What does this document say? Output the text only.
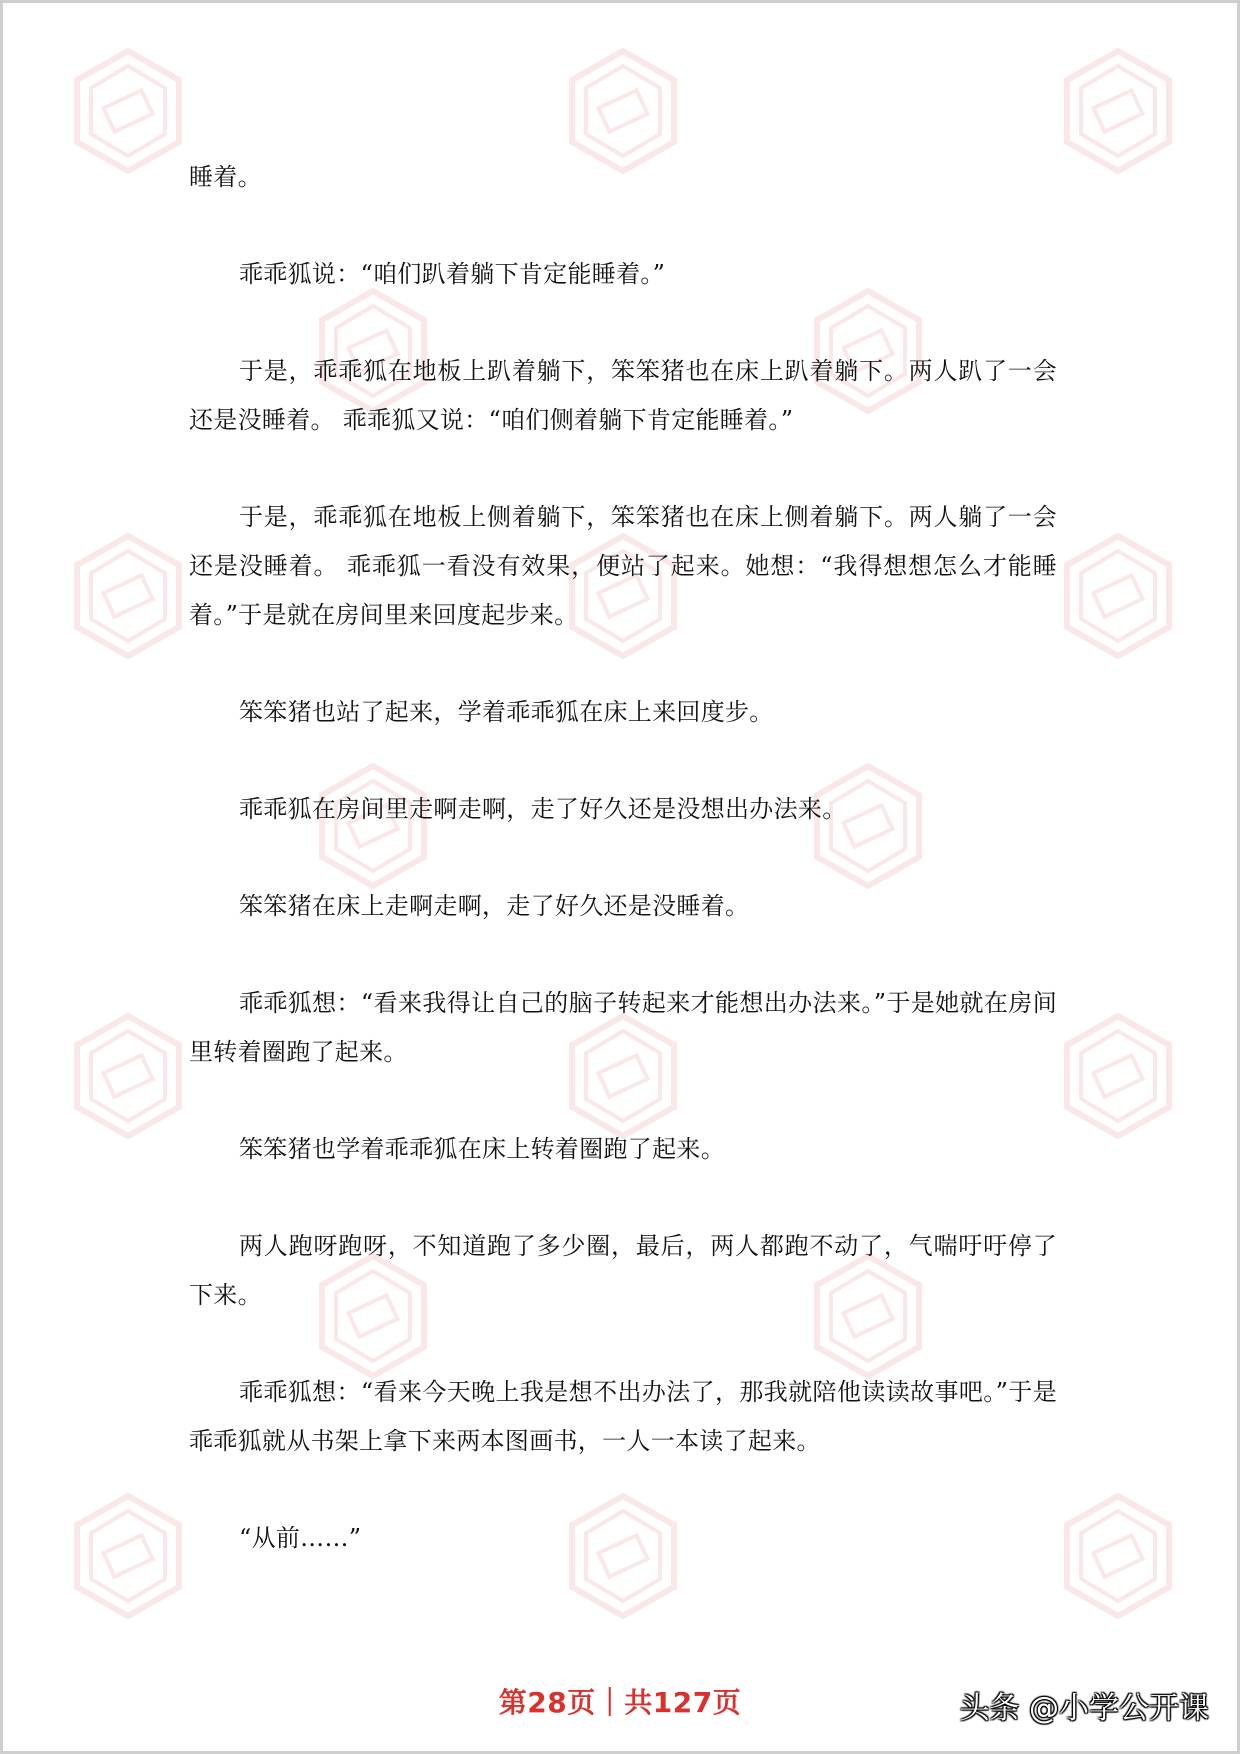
睡着。

乖乖狐说：“咱们趴着躺下肯定能睡着。”

于是，乖乖狐在地板上趴着躺下，笨笨猪也在床上趴着躺下。两人趴了一会还是没睡着。 乖乖狐又说：“咱们侧着躺下肯定能睡着。”

于是，乖乖狐在地板上侧着躺下，笨笨猪也在床上侧着躺下。两人躺了一会还是没睡着。 乖乖狐一看没有效果，便站了起来。她想：“我得想想怎么才能睡着。”于是就在房间里来回度起步来。

笨笨猪也站了起来，学着乖乖狐在床上来回度步。

乖乖狐在房间里走啊走啊，走了好久还是没想出办法来。

笨笨猪在床上走啊走啊，走了好久还是没睡着。

乖乖狐想：“看来我得让自己的脑子转起来才能想出办法来。”于是她就在房间里转着圈跑了起来。

笨笨猪也学着乖乖狐在床上转着圈跑了起来。

两人跑呀跑呀，不知道跑了多少圈，最后，两人都跑不动了，气喘吁吁停了下来。

乖乖狐想：“看来今天晚上我是想不出办法了，那我就陪他读读故事吧。”于是乖乖狐就从书架上拿下来两本图画书，一人一本读了起来。

“从前……”

第28页｜共127页	头条 @小学公开课
